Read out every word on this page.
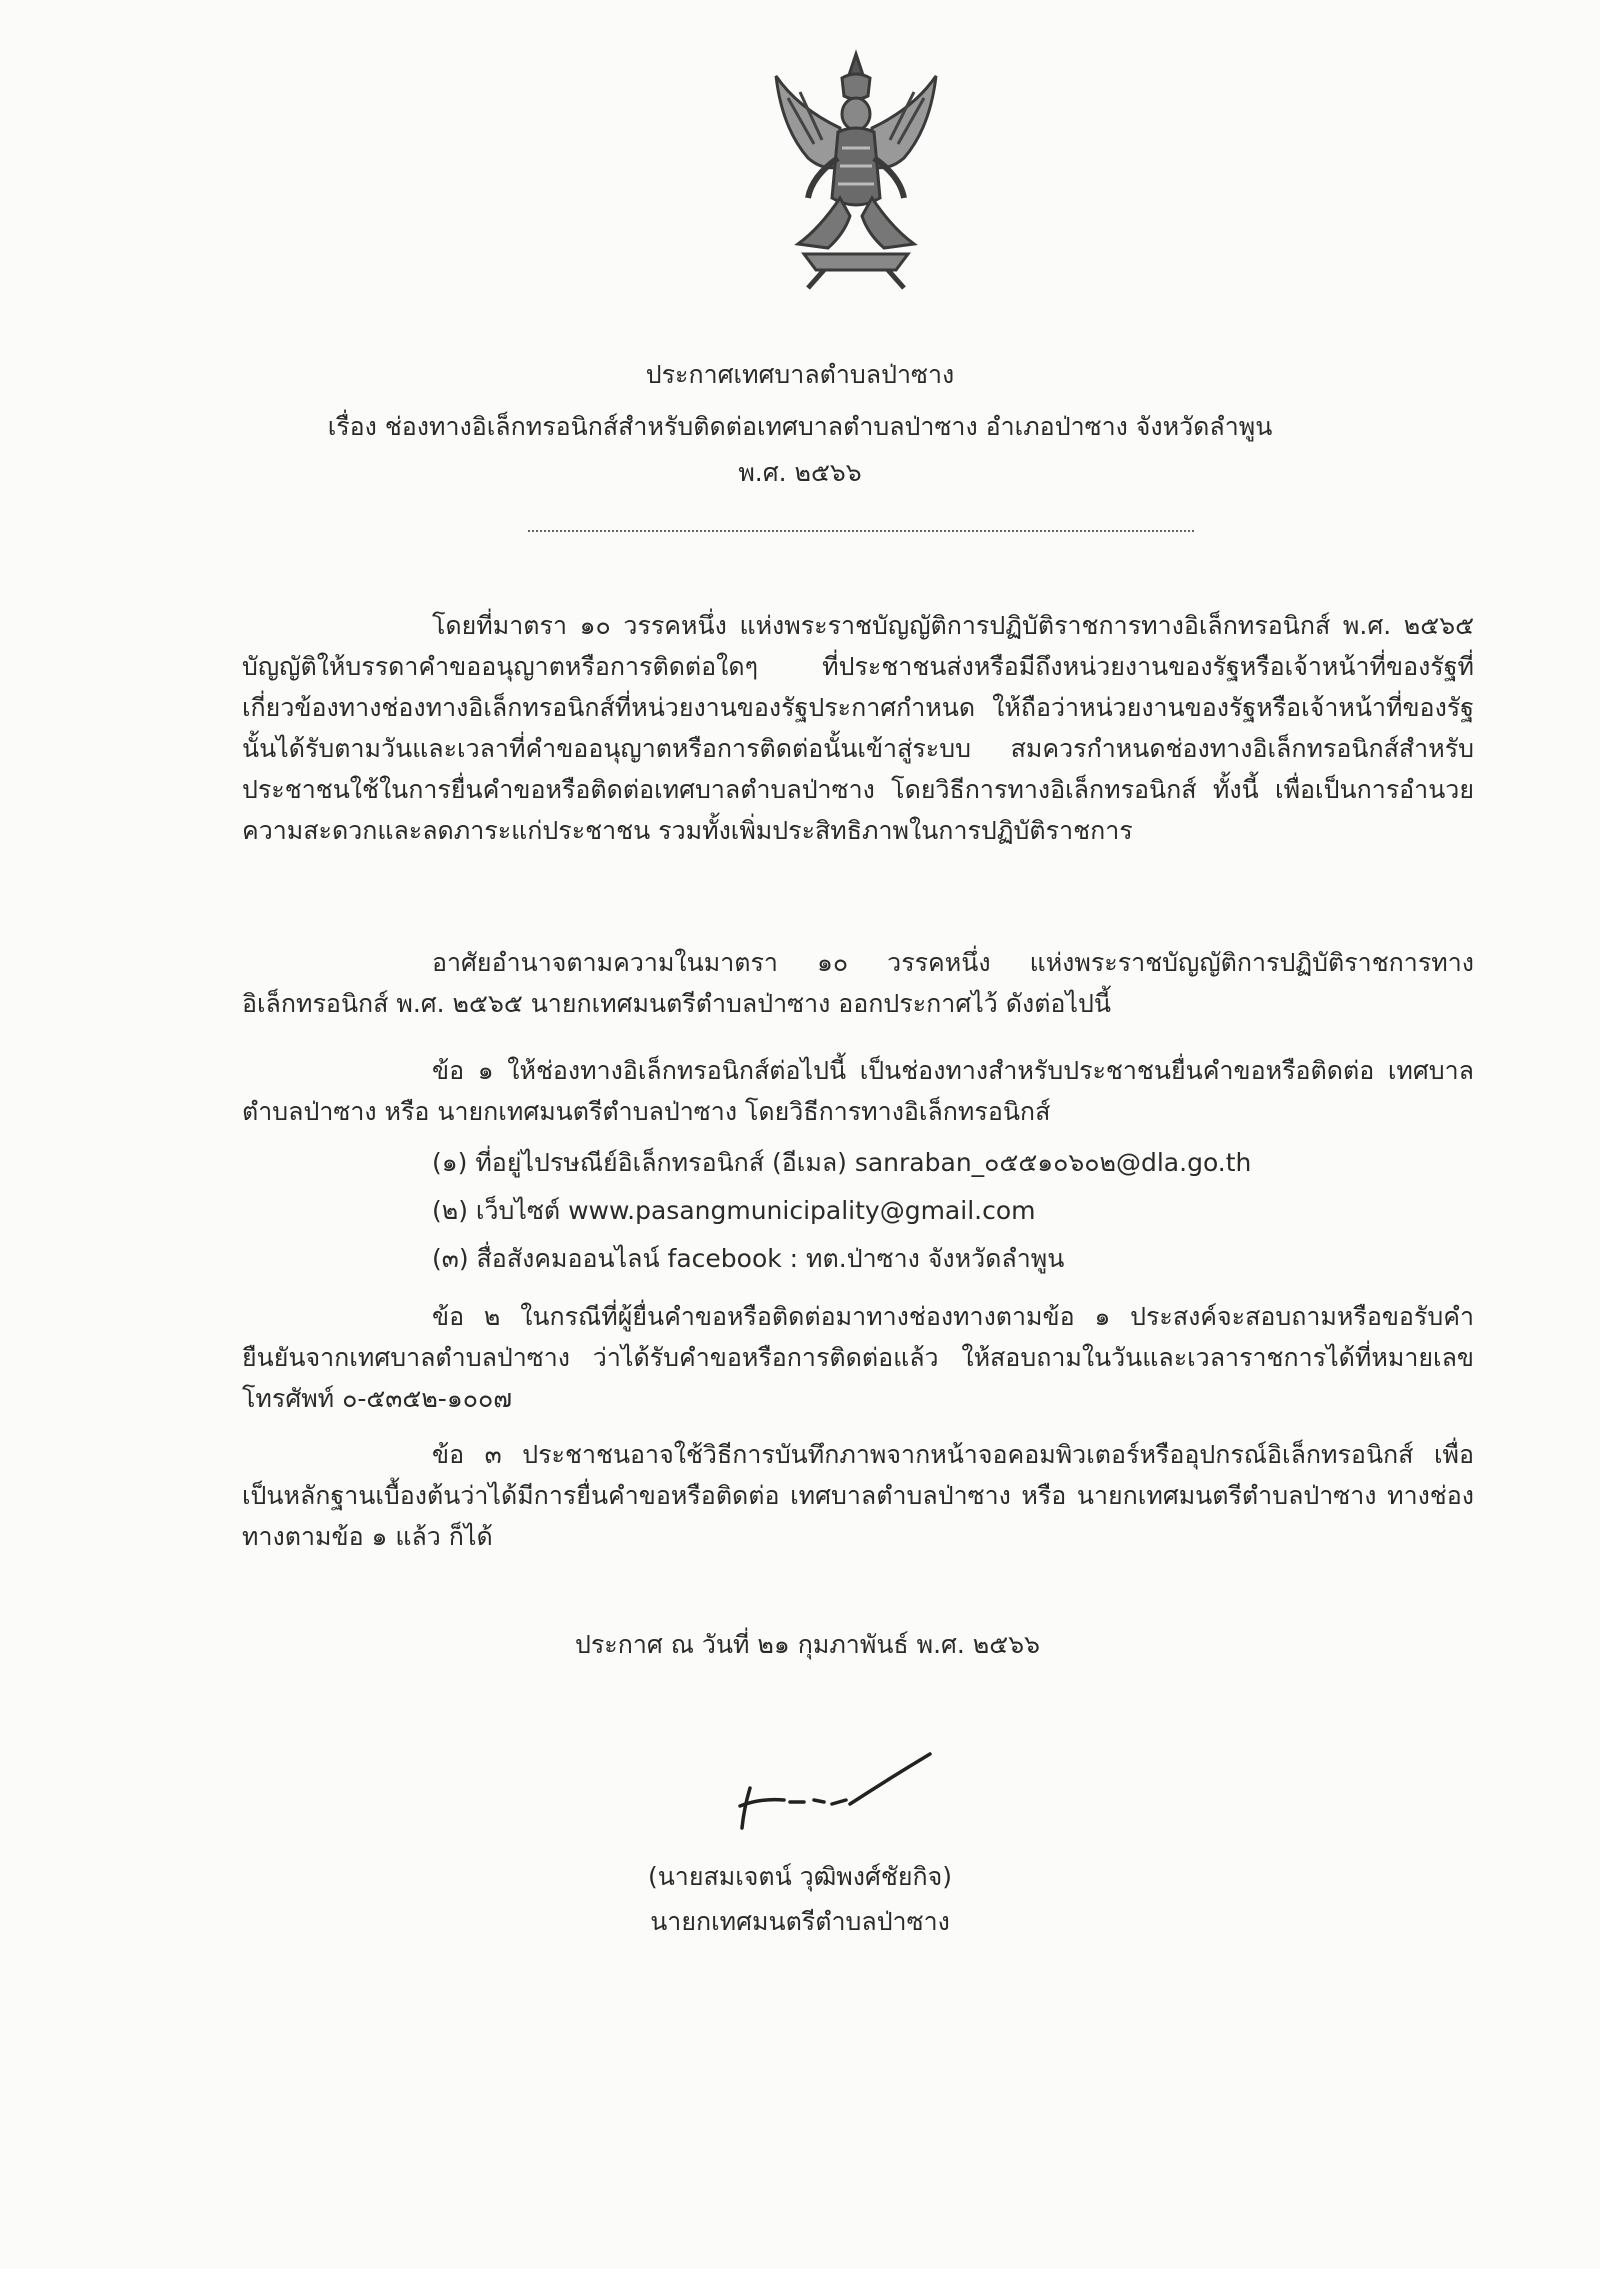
ประกาศเทศบาลตำบลป่าซาง
เรื่อง ช่องทางอิเล็กทรอนิกส์สำหรับติดต่อเทศบาลตำบลป่าซาง อำเภอป่าซาง จังหวัดลำพูน
พ.ศ. ๒๕๖๖

โดยที่มาตรา ๑๐ วรรคหนึ่ง แห่งพระราชบัญญัติการปฏิบัติราชการทางอิเล็กทรอนิกส์ พ.ศ. ๒๕๖๕ บัญญัติให้บรรดาคำขออนุญาตหรือการติดต่อใดๆ ที่ประชาชนส่งหรือมีถึงหน่วยงานของรัฐหรือเจ้าหน้าที่ของรัฐที่เกี่ยวข้องทางช่องทางอิเล็กทรอนิกส์ที่หน่วยงานของรัฐประกาศกำหนด ให้ถือว่าหน่วยงานของรัฐหรือเจ้าหน้าที่ของรัฐนั้นได้รับตามวันและเวลาที่คำขออนุญาตหรือการติดต่อนั้นเข้าสู่ระบบ สมควรกำหนดช่องทางอิเล็กทรอนิกส์สำหรับประชาชนใช้ในการยื่นคำขอหรือติดต่อเทศบาลตำบลป่าซาง โดยวิธีการทางอิเล็กทรอนิกส์ ทั้งนี้ เพื่อเป็นการอำนวยความสะดวกและลดภาระแก่ประชาชน รวมทั้งเพิ่มประสิทธิภาพในการปฏิบัติราชการ

อาศัยอำนาจตามความในมาตรา ๑๐ วรรคหนึ่ง แห่งพระราชบัญญัติการปฏิบัติราชการทางอิเล็กทรอนิกส์ พ.ศ. ๒๕๖๕ นายกเทศมนตรีตำบลป่าซาง ออกประกาศไว้ ดังต่อไปนี้

ข้อ ๑ ให้ช่องทางอิเล็กทรอนิกส์ต่อไปนี้ เป็นช่องทางสำหรับประชาชนยื่นคำขอหรือติดต่อ เทศบาลตำบลป่าซาง หรือ นายกเทศมนตรีตำบลป่าซาง โดยวิธีการทางอิเล็กทรอนิกส์

(๑) ที่อยู่ไปรษณีย์อิเล็กทรอนิกส์ (อีเมล) sanraban_๐๕๕๑๐๖๐๒@dla.go.th

(๒) เว็บไซต์ www.pasangmunicipality@gmail.com

(๓) สื่อสังคมออนไลน์ facebook : ทต.ป่าซาง จังหวัดลำพูน

ข้อ ๒ ในกรณีที่ผู้ยื่นคำขอหรือติดต่อมาทางช่องทางตามข้อ ๑ ประสงค์จะสอบถามหรือขอรับคำยืนยันจากเทศบาลตำบลป่าซาง ว่าได้รับคำขอหรือการติดต่อแล้ว ให้สอบถามในวันและเวลาราชการได้ที่หมายเลขโทรศัพท์ ๐-๕๓๕๒-๑๐๐๗

ข้อ ๓ ประชาชนอาจใช้วิธีการบันทึกภาพจากหน้าจอคอมพิวเตอร์หรืออุปกรณ์อิเล็กทรอนิกส์ เพื่อเป็นหลักฐานเบื้องต้นว่าได้มีการยื่นคำขอหรือติดต่อ เทศบาลตำบลป่าซาง หรือ นายกเทศมนตรีตำบลป่าซาง ทางช่องทางตามข้อ ๑ แล้ว ก็ได้

ประกาศ ณ วันที่ ๒๑ กุมภาพันธ์ พ.ศ. ๒๕๖๖
(นายสมเจตน์ วุฒิพงศ์ชัยกิจ)
นายกเทศมนตรีตำบลป่าซาง
